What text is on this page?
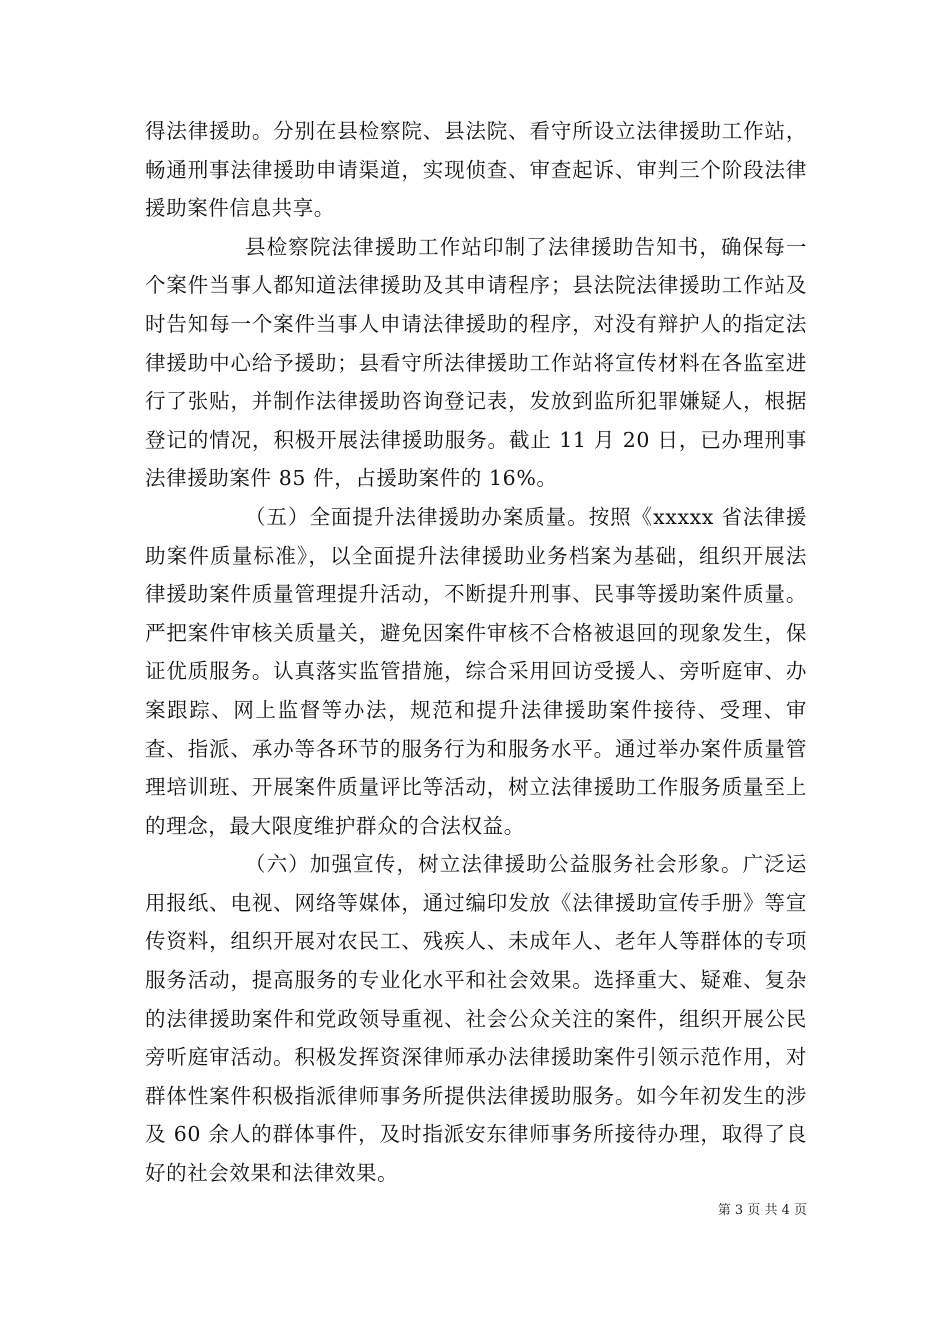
得法律援助。分别在县检察院、县法院、看守所设立法律援助工作站，畅通刑事法律援助申请渠道，实现侦查、审查起诉、审判三个阶段法律援助案件信息共享。

县检察院法律援助工作站印制了法律援助告知书，确保每一个案件当事人都知道法律援助及其申请程序；县法院法律援助工作站及时告知每一个案件当事人申请法律援助的程序，对没有辩护人的指定法律援助中心给予援助；县看守所法律援助工作站将宣传材料在各监室进行了张贴，并制作法律援助咨询登记表，发放到监所犯罪嫌疑人，根据登记的情况，积极开展法律援助服务。截止 11 月 20 日，已办理刑事法律援助案件 85 件，占援助案件的 16%。

（五）全面提升法律援助办案质量。按照《xxxxx 省法律援助案件质量标准》，以全面提升法律援助业务档案为基础，组织开展法律援助案件质量管理提升活动，不断提升刑事、民事等援助案件质量。严把案件审核关质量关，避免因案件审核不合格被退回的现象发生，保证优质服务。认真落实监管措施，综合采用回访受援人、旁听庭审、办案跟踪、网上监督等办法，规范和提升法律援助案件接待、受理、审查、指派、承办等各环节的服务行为和服务水平。通过举办案件质量管理培训班、开展案件质量评比等活动，树立法律援助工作服务质量至上的理念，最大限度维护群众的合法权益。

（六）加强宣传，树立法律援助公益服务社会形象。广泛运用报纸、电视、网络等媒体，通过编印发放《法律援助宣传手册》等宣传资料，组织开展对农民工、残疾人、未成年人、老年人等群体的专项服务活动，提高服务的专业化水平和社会效果。选择重大、疑难、复杂的法律援助案件和党政领导重视、社会公众关注的案件，组织开展公民旁听庭审活动。积极发挥资深律师承办法律援助案件引领示范作用，对群体性案件积极指派律师事务所提供法律援助服务。如今年初发生的涉及 60 余人的群体事件，及时指派安东律师事务所接待办理，取得了良好的社会效果和法律效果。

第 3 页 共 4 页
